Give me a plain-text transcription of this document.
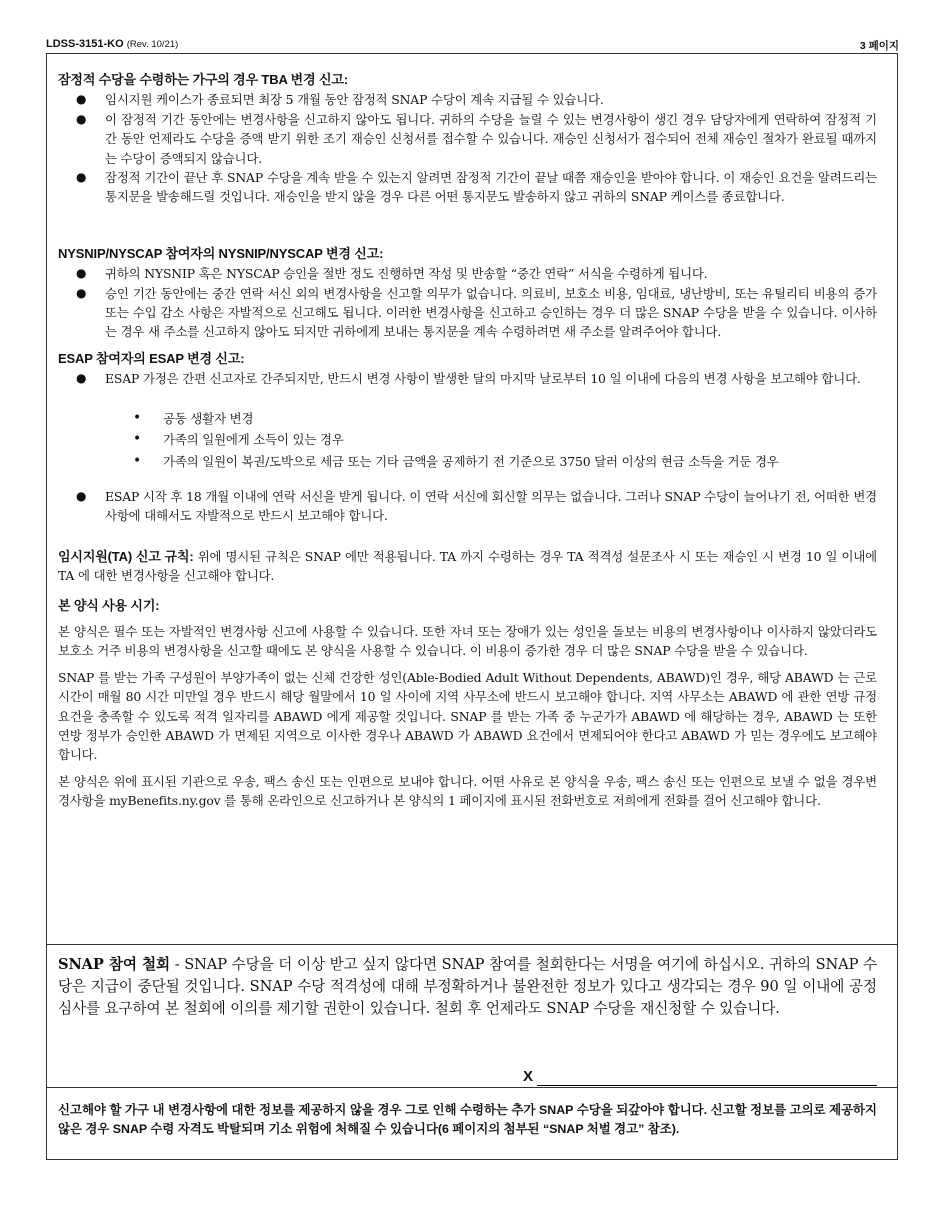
LDSS-3151-KO (Rev. 10/21)	3 페이지
잠정적 수당을 수령하는 가구의 경우 TBA 변경 신고:
● 임시지원 케이스가 종료되면 최장 5 개월 동안 잠정적 SNAP 수당이 계속 지급될 수 있습니다.
● 이 잠정적 기간 동안에는 변경사항을 신고하지 않아도 됩니다. 귀하의 수당을 늘릴 수 있는 변경사항이 생긴 경우 담당자에게 연락하여 잠정적 기간 동안 언제라도 수당을 증액 받기 위한 조기 재승인 신청서를 접수할 수 있습니다. 재승인 신청서가 접수되어 전체 재승인 절차가 완료될 때까지는 수당이 증액되지 않습니다.
● 잠정적 기간이 끝난 후 SNAP 수당을 계속 받을 수 있는지 알려면 잠정적 기간이 끝날 때쯤 재승인을 받아야 합니다. 이 재승인 요건을 알려드리는 통지문을 발송해드릴 것입니다. 재승인을 받지 않을 경우 다른 어떤 통지문도 발송하지 않고 귀하의 SNAP 케이스를 종료합니다.
NYSNIP/NYSCAP 참여자의 NYSNIP/NYSCAP 변경 신고:
● 귀하의 NYSNIP 혹은 NYSCAP 승인을 절반 정도 진행하면 작성 및 반송할 “중간 연락” 서식을 수령하게 됩니다.
● 승인 기간 동안에는 중간 연락 서신 외의 변경사항을 신고할 의무가 없습니다. 의료비, 보호소 비용, 임대료, 냉난방비, 또는 유틸리티 비용의 증가 또는 수입 감소 사항은 자발적으로 신고해도 됩니다. 이러한 변경사항을 신고하고 승인하는 경우 더 많은 SNAP 수당을 받을 수 있습니다. 이사하는 경우 새 주소를 신고하지 않아도 되지만 귀하에게 보내는 통지문을 계속 수령하려면 새 주소를 알려주어야 합니다.
ESAP 참여자의 ESAP 변경 신고:
● ESAP 가정은 간편 신고자로 간주되지만, 반드시 변경 사항이 발생한 달의 마지막 날로부터 10 일 이내에 다음의 변경 사항을 보고해야 합니다.
• 공동 생활자 변경
• 가족의 일원에게 소득이 있는 경우
• 가족의 일원이 복권/도박으로 세금 또는 기타 금액을 공제하기 전 기준으로 3750 달러 이상의 현금 소득을 거둔 경우
● ESAP 시작 후 18 개월 이내에 연락 서신을 받게 됩니다. 이 연락 서신에 회신할 의무는 없습니다. 그러나 SNAP 수당이 늘어나기 전, 어떠한 변경 사항에 대해서도 자발적으로 반드시 보고해야 합니다.

임시지원(TA) 신고 규칙: 위에 명시된 규칙은 SNAP 에만 적용됩니다. TA 까지 수령하는 경우 TA 적격성 설문조사 시 또는 재승인 시 변경 10 일 이내에 TA 에 대한 변경사항을 신고해야 합니다.

본 양식 사용 시기:

본 양식은 필수 또는 자발적인 변경사항 신고에 사용할 수 있습니다. 또한 자녀 또는 장애가 있는 성인을 돌보는 비용의 변경사항이나 이사하지 않았더라도 보호소 거주 비용의 변경사항을 신고할 때에도 본 양식을 사용할 수 있습니다. 이 비용이 증가한 경우 더 많은 SNAP 수당을 받을 수 있습니다.

SNAP 를 받는 가족 구성원이 부양가족이 없는 신체 건강한 성인(Able-Bodied Adult Without Dependents, ABAWD)인 경우, 해당 ABAWD 는 근로시간이 매월 80 시간 미만일 경우 반드시 해당 월말에서 10 일 사이에 지역 사무소에 반드시 보고해야 합니다. 지역 사무소는 ABAWD 에 관한 연방 규정 요건을 충족할 수 있도록 적격 일자리를 ABAWD 에게 제공할 것입니다. SNAP 를 받는 가족 중 누군가가 ABAWD 에 해당하는 경우, ABAWD 는 또한 연방 정부가 승인한 ABAWD 가 면제된 지역으로 이사한 경우나 ABAWD 가 ABAWD 요건에서 면제되어야 한다고 ABAWD 가 믿는 경우에도 보고해야 합니다.

본 양식은 위에 표시된 기관으로 우송, 팩스 송신 또는 인편으로 보내야 합니다. 어떤 사유로 본 양식을 우송, 팩스 송신 또는 인편으로 보낼 수 없을 경우변경사항을 myBenefits.ny.gov 를 통해 온라인으로 신고하거나 본 양식의 1 페이지에 표시된 전화번호로 저희에게 전화를 걸어 신고해야 합니다.

SNAP 참여 철회 - SNAP 수당을 더 이상 받고 싶지 않다면 SNAP 참여를 철회한다는 서명을 여기에 하십시오. 귀하의 SNAP 수당은 지급이 중단될 것입니다. SNAP 수당 적격성에 대해 부정확하거나 불완전한 정보가 있다고 생각되는 경우 90 일 이내에 공정심사를 요구하여 본 철회에 이의를 제기할 권한이 있습니다. 철회 후 언제라도 SNAP 수당을 재신청할 수 있습니다.

X

신고해야 할 가구 내 변경사항에 대한 정보를 제공하지 않을 경우 그로 인해 수령하는 추가 SNAP 수당을 되갚아야 합니다. 신고할 정보를 고의로 제공하지 않은 경우 SNAP 수령 자격도 박탈되며 기소 위험에 처해질 수 있습니다(6 페이지의 첨부된 “SNAP 처벌 경고” 참조).
